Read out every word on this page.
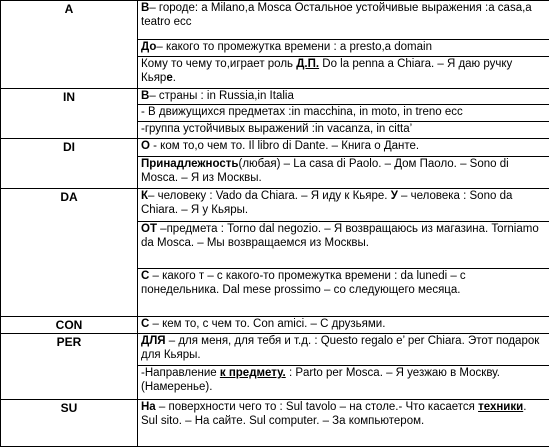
A	В– городе: a Milano,a Mosca Остальное устойчивые выражения :a casa,a teatro ecc
	До– какого то промежутка времени : a presto,a domain
	Кому то чему то,играет роль Д.П. Do la penna a Chiara. – Я даю ручку Кьяре.
IN	В– страны : in Russia,in Italia
	- В движущихся предметах :in macchina, in moto, in treno ecc
	-группа устойчивых выражений :in vacanza, in citta’
DI	О - ком то,о чем то. Il libro di Dante. – Книга о Данте.
	Принадлежность(любая) – La casa di Paolo. – Дом Паоло. – Sono di Mosca. – Я из Москвы.
DA	К– человеку : Vado da Chiara. – Я иду к Кьяре. У – человека : Sono da Chiara. – Я у Кьяры.
	ОТ –предмета : Torno dal negozio. – Я возвращаюсь из магазина. Torniamo da Mosca. – Мы возвращаемся из Москвы.
	С – какого т – с какого-то промежутка времени : da lunedi – с понедельника. Dal mese prossimo – со следующего месяца.
CON	С – кем то, с чем то. Con amici. – С друзьями.
PER	ДЛЯ – для меня, для тебя и т.д. : Questo regalo e’ per Chiara. Этот подарок для Кьяры.
	-Направление к предмету. : Parto per Mosca. – Я уезжаю в Москву.(Намеренье).
SU	На – поверхности чего то : Sul tavolo – на столе.- Что касается техники. Sul sito. – На сайте. Sul computer. – За компьютером.
